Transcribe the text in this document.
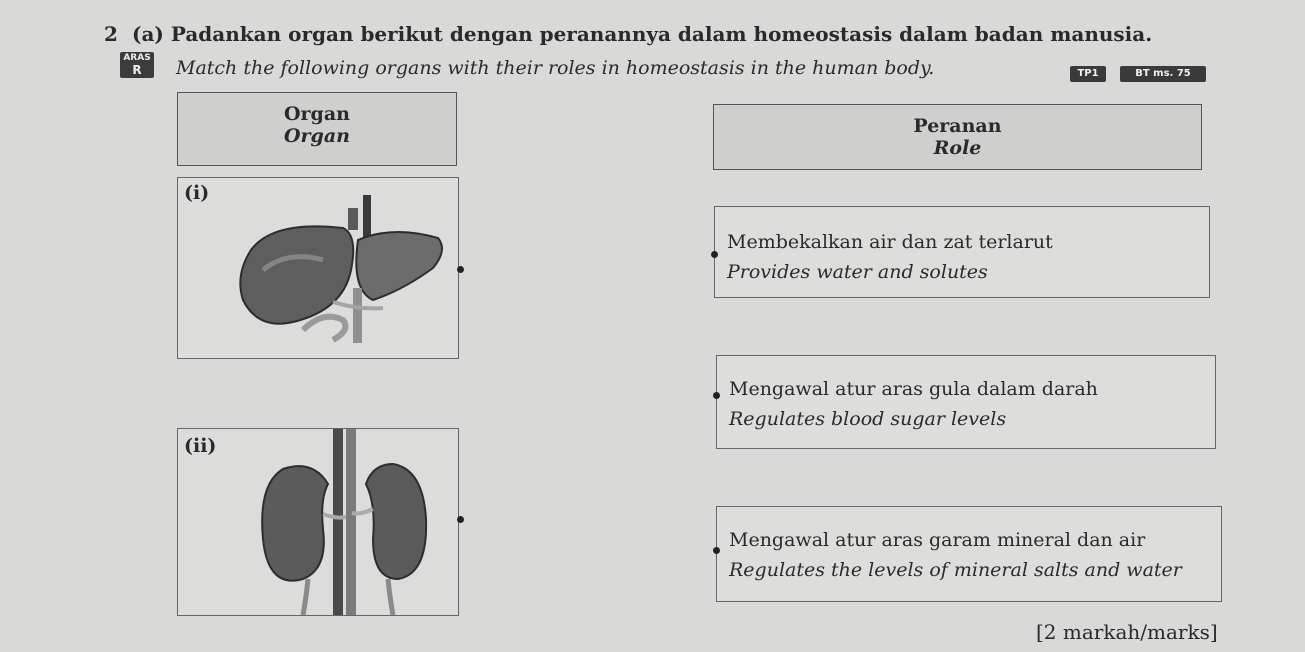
2 (a) Padankan organ berikut dengan peranannya dalam homeostasis dalam badan manusia.
ARAS
R	Match the following organs with their roles in homeostasis in the human body.	TP1	BT ms. 75
Organ
Organ	Peranan
Role
(i)
(ii)
Membekalkan air dan zat terlarut
Provides water and solutes
Mengawal atur aras gula dalam darah
Regulates blood sugar levels
Mengawal atur aras garam mineral dan air
Regulates the levels of mineral salts and water
[2 markah/marks]
